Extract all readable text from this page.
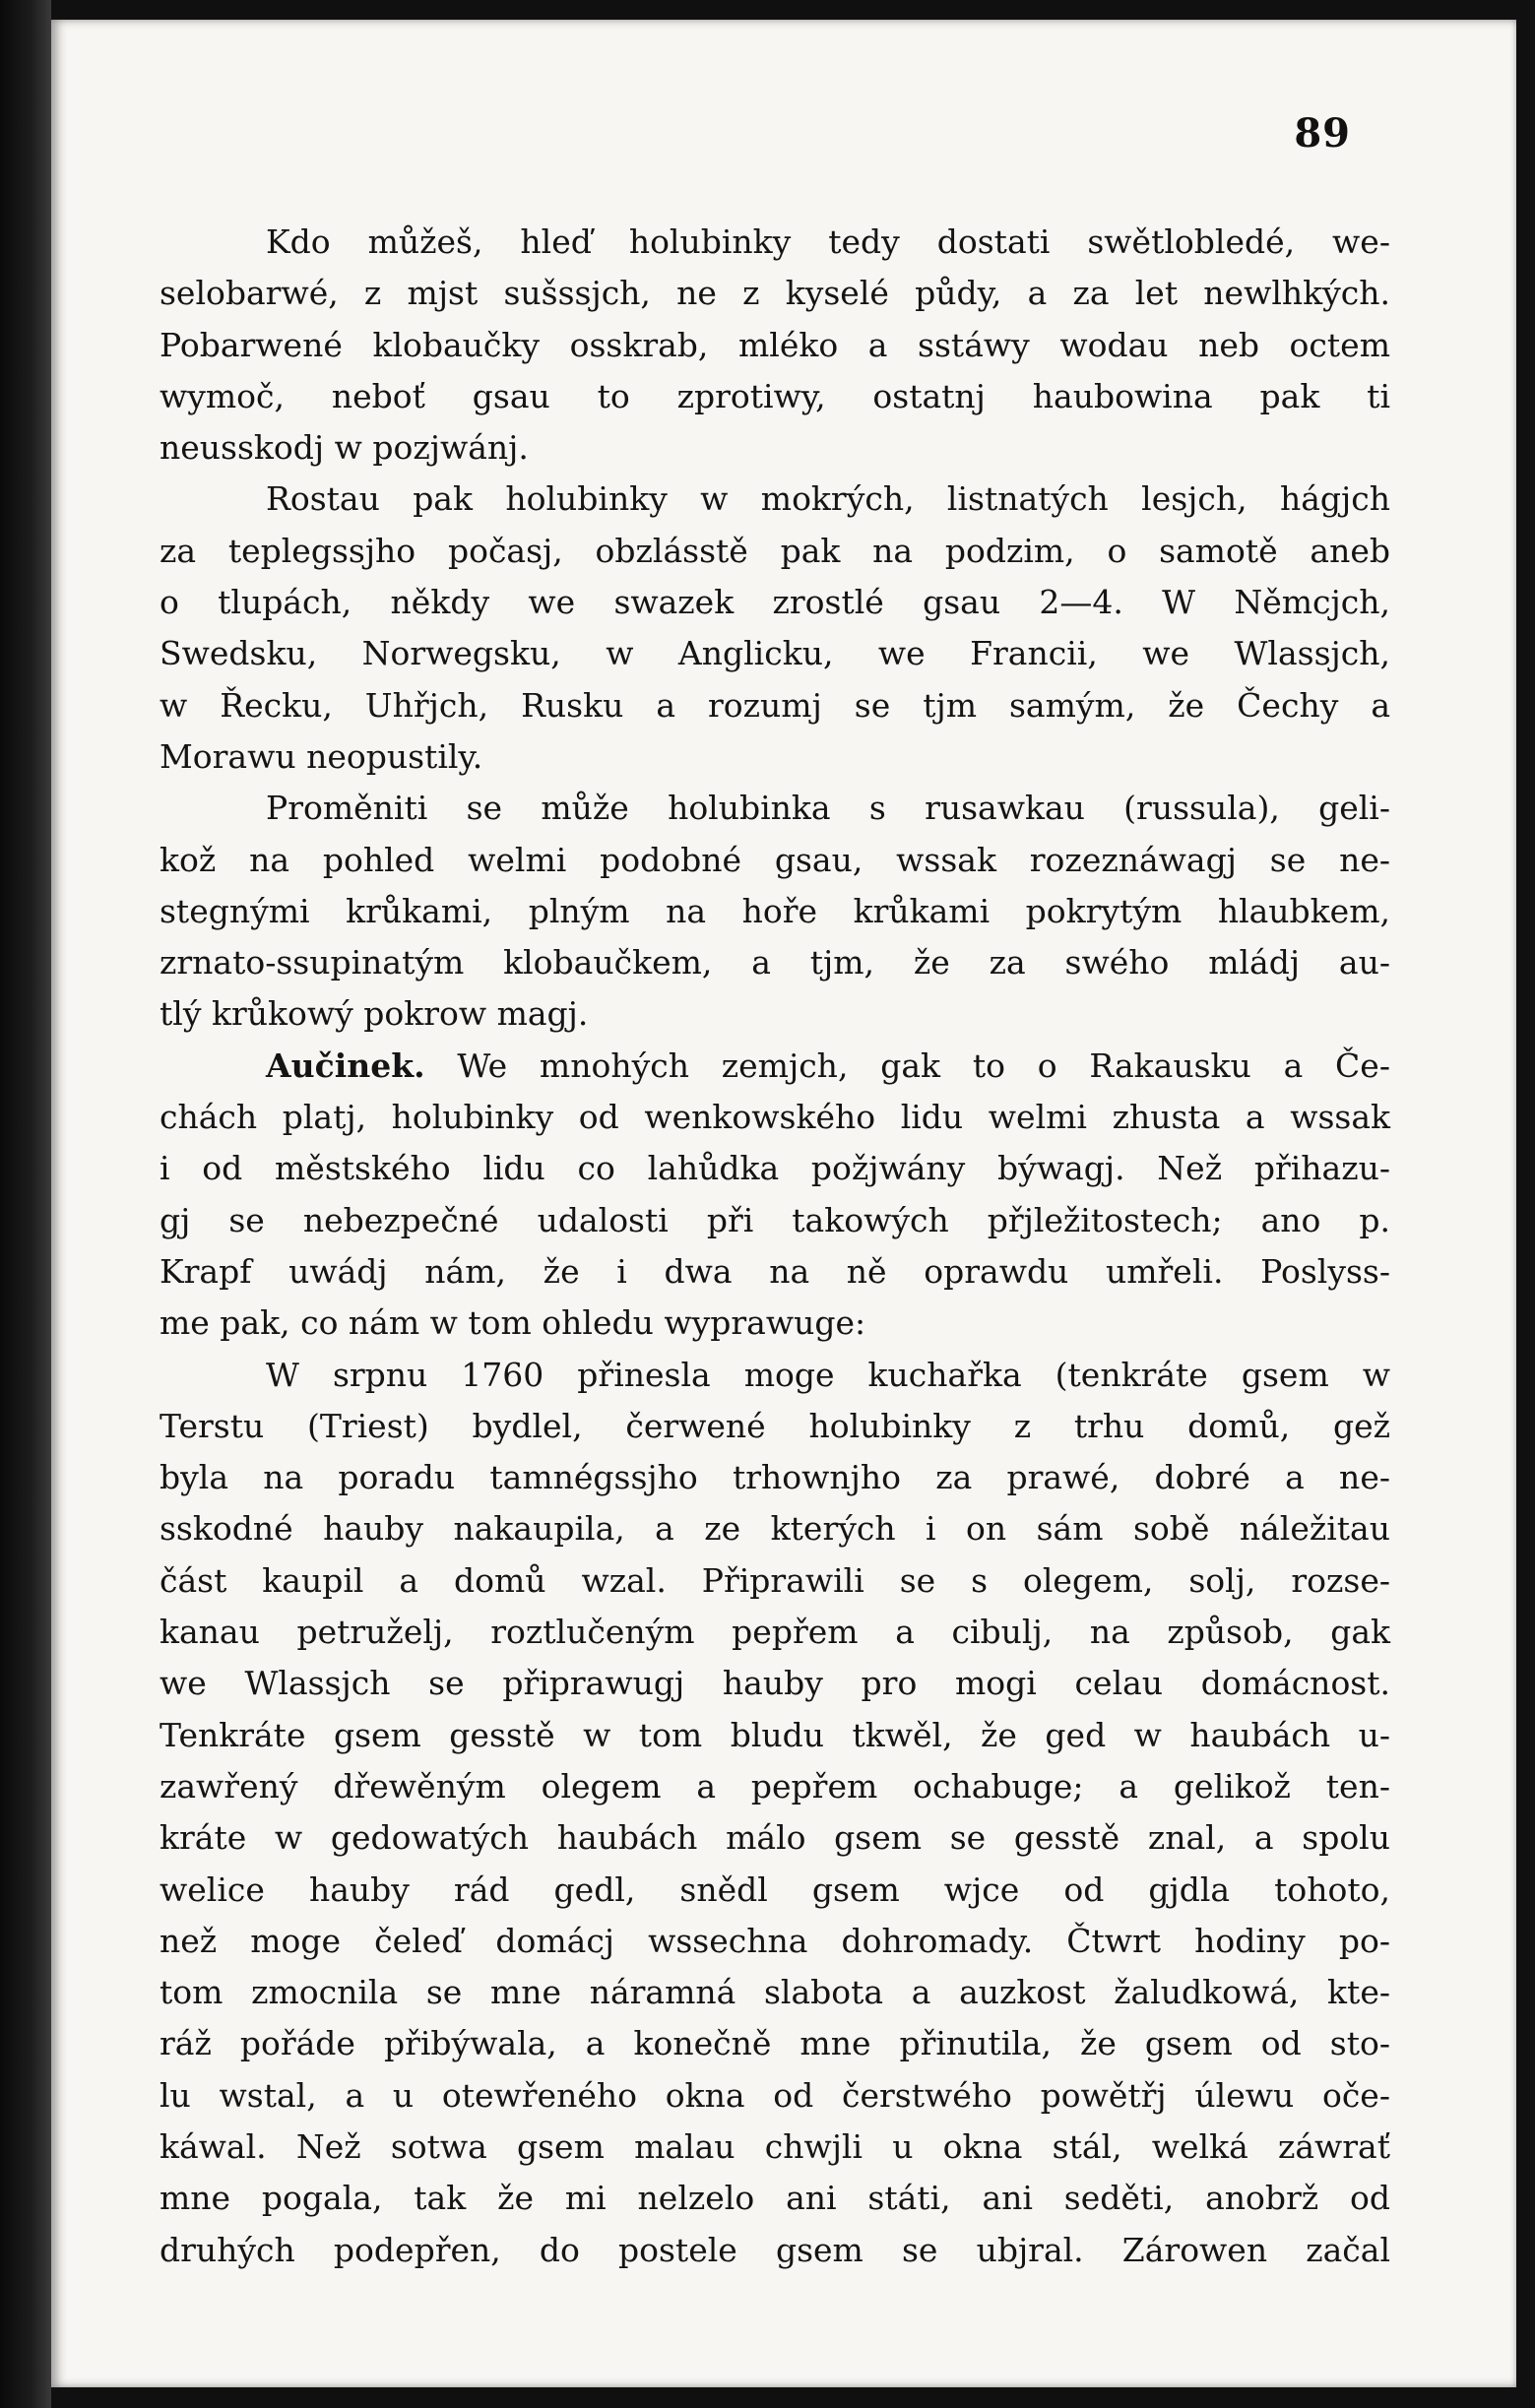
89

Kdo můžeš, hleď holubinky tedy dostati swětlobledé, we-
selobarwé, z mjst sušssjch, ne z kyselé půdy, a za let newlhkých.
Pobarwené klobaučky osskrab, mléko a sstáwy wodau neb octem
wymoč, neboť gsau to zprotiwy, ostatnj haubowina pak ti
neusskodj w pozjwánj.

Rostau pak holubinky w mokrých, listnatých lesjch, hágjch
za teplegssjho počasj, obzlásstě pak na podzim, o samotě aneb
o tlupách, někdy we swazek zrostlé gsau 2—4. W Němcjch,
Swedsku, Norwegsku, w Anglicku, we Francii, we Wlassjch,
w Řecku, Uhřjch, Rusku a rozumj se tjm samým, že Čechy a
Morawu neopustily.

Proměniti se může holubinka s rusawkau (russula), geli-
kož na pohled welmi podobné gsau, wssak rozeznáwagj se ne-
stegnými krůkami, plným na hoře krůkami pokrytým hlaubkem,
zrnato-ssupinatým klobaučkem, a tjm, že za swého mládj au-
tlý krůkowý pokrow magj.

Aučinek. We mnohých zemjch, gak to o Rakausku a Če-
chách platj, holubinky od wenkowského lidu welmi zhusta a wssak
i od městského lidu co lahůdka požjwány býwagj. Než přihazu-
gj se nebezpečné udalosti při takowých přjležitostech; ano p.
Krapf uwádj nám, že i dwa na ně oprawdu umřeli. Poslyss-
me pak, co nám w tom ohledu wyprawuge:

W srpnu 1760 přinesla moge kuchařka (tenkráte gsem w
Terstu (Triest) bydlel, čerwené holubinky z trhu domů, gež
byla na poradu tamnégssjho trhownjho za prawé, dobré a ne-
sskodné hauby nakaupila, a ze kterých i on sám sobě náležitau
část kaupil a domů wzal. Připrawili se s olegem, solj, rozse-
kanau petruželj, roztlučeným pepřem a cibulj, na způsob, gak
we Wlassjch se připrawugj hauby pro mogi celau domácnost.
Tenkráte gsem gesstě w tom bludu tkwěl, že ged w haubách u-
zawřený dřewěným olegem a pepřem ochabuge; a gelikož ten-
kráte w gedowatých haubách málo gsem se gesstě znal, a spolu
welice hauby rád gedl, snědl gsem wjce od gjdla tohoto,
než moge čeleď domácj wssechna dohromady. Čtwrt hodiny po-
tom zmocnila se mne náramná slabota a auzkost žaludkowá, kte-
ráž pořáde přibýwala, a konečně mne přinutila, že gsem od sto-
lu wstal, a u otewřeného okna od čerstwého powětřj úlewu oče-
káwal. Než sotwa gsem malau chwjli u okna stál, welká záwrať
mne pogala, tak že mi nelzelo ani státi, ani seděti, anobrž od
druhých podepřen, do postele gsem se ubjral. Zárowen začal
